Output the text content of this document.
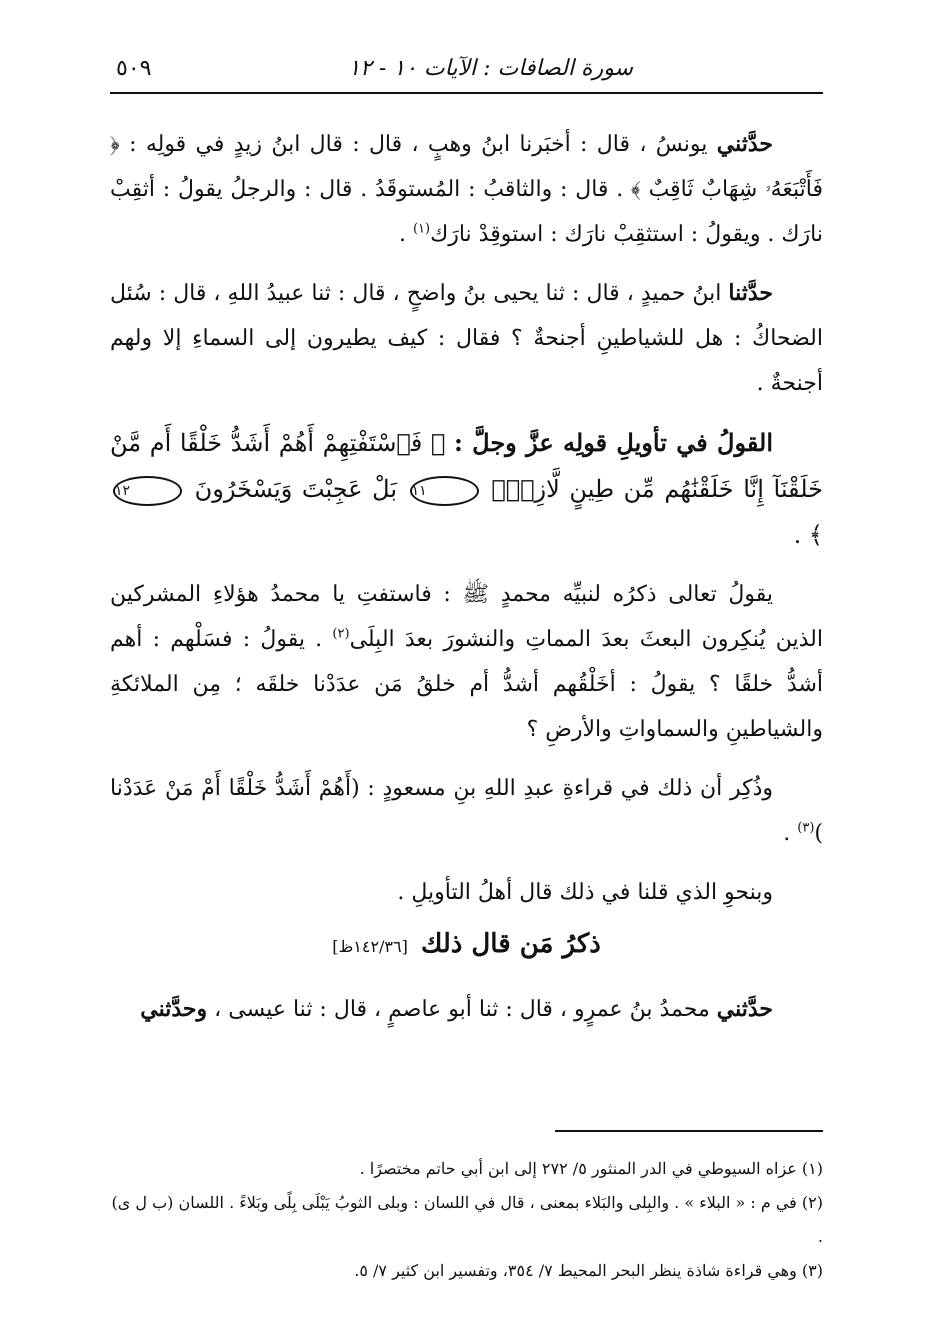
سورة الصافات : الآيات ١٠ - ١٢
٥٠٩

حدَّثني يونسُ ، قال : أخبَرنا ابنُ وهبٍ ، قال : قال ابنُ زيدٍ في قولِه : ﴿ فَأَتْبَعَهُۥ شِهَابٌ ثَاقِبٌ ﴾ . قال : والثاقبُ : المُستوقَدُ . قال : والرجلُ يقولُ : أثقِبْ نارَك . ويقولُ : استثقِبْ نارَك : استوقِدْ نارَك$^{(١)}$ .

حدَّثنا ابنُ حميدٍ ، قال : ثنا يحيى بنُ واضحٍ ، قال : ثنا عبيدُ اللهِ ، قال : سُئل الضحاكُ : هل للشياطينِ أجنحةٌ ؟ فقال : كيف يطيرون إلى السماءِ إلا ولهم أجنحةٌ .

القولُ في تأويلِ قولِه عزَّ وجلَّ : ﴿ فَٱسْتَفْتِهِمْ أَهُمْ أَشَدُّ خَلْقًا أَم مَّنْ خَلَقْنَآ إِنَّا خَلَقْنَٰهُم مِّن طِينٍ لَّازِبٍۭ ١١ بَلْ عَجِبْتَ وَيَسْخَرُونَ ١٢ ﴾ .

يقولُ تعالى ذكرُه لنبيِّه محمدٍ ﷺ : فاستفتِ يا محمدُ هؤلاءِ المشركين الذين يُنكِرون البعثَ بعدَ المماتِ والنشورَ بعدَ البِلَى$^{(٢)}$ . يقولُ : فسَلْهم : أهم أشدُّ خلقًا ؟ يقولُ : أخَلْقُهم أشدُّ أم خلقُ مَن عدَدْنا خلقَه ؛ مِن الملائكةِ والشياطينِ والسماواتِ والأرضِ ؟

وذُكِر أن ذلك في قراءةِ عبدِ اللهِ بنِ مسعودٍ : (أَهُمْ أَشَدُّ خَلْقًا أَمْ مَنْ عَدَدْنا )$^{(٣)}$ .

وبنحوِ الذي قلنا في ذلك قال أهلُ التأويلِ .

ذكرُ مَن قال ذلك [١٤٢/٣٦ظ]

حدَّثني محمدُ بنُ عمرٍو ، قال : ثنا أبو عاصمٍ ، قال : ثنا عيسى ، وحدَّثني

(١) عزاه السيوطي في الدر المنثور ٥/ ٢٧٢ إلى ابن أبي حاتم مختصرًا .

(٢) في م : « البلاء » . والبِلى والبَلاء بمعنى ، قال في اللسان : وبلى الثوبُ يَبْلَى بِلًى وبَلاءً . اللسان (ب ل ى) .

(٣) وهي قراءة شاذة ينظر البحر المحيط ٧/ ٣٥٤، وتفسير ابن كثير ٧/ ٥.
